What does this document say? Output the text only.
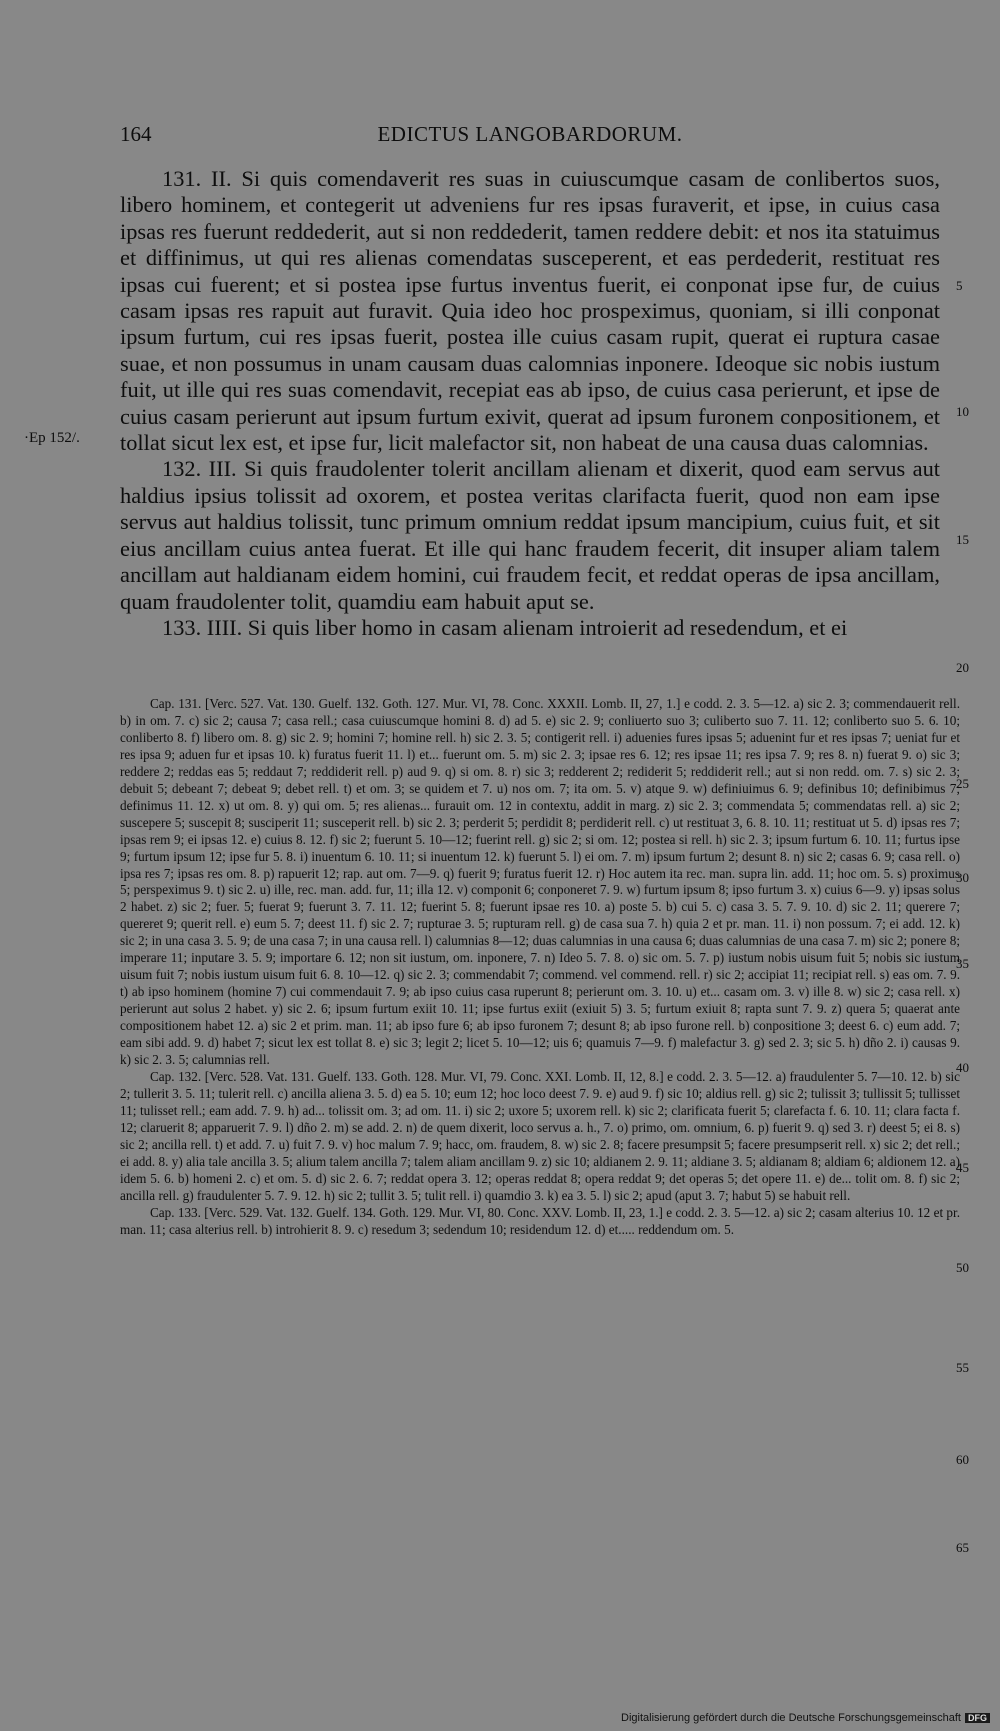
164	EDICTUS LANGOBARDORUM.
·Ep 152/.

131. II. Si quis comendaverit res suas in cuiuscumque casam de conlibertos suos, libero hominem, et contegerit ut adveniens fur res ipsas furaverit, et ipse, in cuius casa ipsas res fuerunt reddederit, aut si non reddederit, tamen reddere debit: et nos ita statuimus et diffinimus, ut qui res alienas comendatas susceperent, et eas perdederit, restituat res ipsas cui fuerent; et si postea ipse furtus inventus fuerit, ei conponat ipse fur, de cuius casam ipsas res rapuit aut furavit. Quia ideo hoc prospeximus, quoniam, si illi conponat ipsum furtum, cui res ipsas fuerit, postea ille cuius casam rupit, querat ei ruptura casae suae, et non possumus in unam causam duas calomnias inponere. Ideoque sic nobis iustum fuit, ut ille qui res suas comendavit, recepiat eas ab ipso, de cuius casa perierunt, et ipse de cuius casam perierunt aut ipsum furtum exivit, querat ad ipsum furonem conpositionem, et tollat sicut lex est, et ipse fur, licit malefactor sit, non habeat de una causa duas calomnias.

132. III. Si quis fraudolenter tolerit ancillam alienam et dixerit, quod eam servus aut haldius ipsius tolissit ad oxorem, et postea veritas clarifacta fuerit, quod non eam ipse servus aut haldius tolissit, tunc primum omnium reddat ipsum mancipium, cuius fuit, et sit eius ancillam cuius antea fuerat. Et ille qui hanc fraudem fecerit, dit insuper aliam talem ancillam aut haldianam eidem homini, cui fraudem fecit, et reddat operas de ipsa ancillam, quam fraudolenter tolit, quamdiu eam habuit aput se.

133. IIII. Si quis liber homo in casam alienam introierit ad resedendum, et ei

5
10
15
20
25
30
35
40
45
50
55
60
65

Cap. 131. [Verc. 527. Vat. 130. Guelf. 132. Goth. 127. Mur. VI, 78. Conc. XXXII. Lomb. II, 27, 1.] e codd. 2. 3. 5—12. a) sic 2. 3; commendauerit rell. b) in om. 7. c) sic 2; causa 7; casa rell.; casa cuiuscumque homini 8. d) ad 5. e) sic 2. 9; conliuerto suo 3; culiberto suo 7. 11. 12; conliberto suo 5. 6. 10; conliberto 8. f) libero om. 8. g) sic 2. 9; homini 7; homine rell. h) sic 2. 3. 5; contigerit rell. i) aduenies fures ipsas 5; aduenint fur et res ipsas 7; ueniat fur et res ipsa 9; aduen fur et ipsas 10. k) furatus fuerit 11. l) et... fuerunt om. 5. m) sic 2. 3; ipsae res 6. 12; res ipsae 11; res ipsa 7. 9; res 8. n) fuerat 9. o) sic 3; reddere 2; reddas eas 5; reddaut 7; reddiderit rell. p) aud 9. q) si om. 8. r) sic 3; redderent 2; rediderit 5; reddiderit rell.; aut si non redd. om. 7. s) sic 2. 3; debuit 5; debeant 7; debeat 9; debet rell. t) et om. 3; se quidem et 7. u) nos om. 7; ita om. 5. v) atque 9. w) definiuimus 6. 9; definibus 10; definibimus 7; definimus 11. 12. x) ut om. 8. y) qui om. 5; res alienas... furauit om. 12 in contextu, addit in marg. z) sic 2. 3; commendata 5; commendatas rell. a) sic 2; suscepere 5; suscepit 8; susciperit 11; susceperit rell. b) sic 2. 3; perderit 5; perdidit 8; perdiderit rell. c) ut restituat 3, 6. 8. 10. 11; restituat ut 5. d) ipsas res 7; ipsas rem 9; ei ipsas 12. e) cuius 8. 12. f) sic 2; fuerunt 5. 10—12; fuerint rell. g) sic 2; si om. 12; postea si rell. h) sic 2. 3; ipsum furtum 6. 10. 11; furtus ipse 9; furtum ipsum 12; ipse fur 5. 8. i) inuentum 6. 10. 11; si inuentum 12. k) fuerunt 5. l) ei om. 7. m) ipsum furtum 2; desunt 8. n) sic 2; casas 6. 9; casa rell. o) ipsa res 7; ipsas res om. 8. p) rapuerit 12; rap. aut om. 7—9. q) fuerit 9; furatus fuerit 12. r) Hoc autem ita rec. man. supra lin. add. 11; hoc om. 5. s) proximus 5; perspeximus 9. t) sic 2. u) ille, rec. man. add. fur, 11; illa 12. v) componit 6; conponeret 7. 9. w) furtum ipsum 8; ipso furtum 3. x) cuius 6—9. y) ipsas solus 2 habet. z) sic 2; fuer. 5; fuerat 9; fuerunt 3. 7. 11. 12; fuerint 5. 8; fuerunt ipsae res 10. a) poste 5. b) cui 5. c) casa 3. 5. 7. 9. 10. d) sic 2. 11; querere 7; quereret 9; querit rell. e) eum 5. 7; deest 11. f) sic 2. 7; rupturae 3. 5; rupturam rell. g) de casa sua 7. h) quia 2 et pr. man. 11. i) non possum. 7; ei add. 12. k) sic 2; in una casa 3. 5. 9; de una casa 7; in una causa rell. l) calumnias 8—12; duas calumnias in una causa 6; duas calumnias de una casa 7. m) sic 2; ponere 8; imperare 11; inputare 3. 5. 9; importare 6. 12; non sit iustum, om. inponere, 7. n) Ideo 5. 7. 8. o) sic om. 5. 7. p) iustum nobis uisum fuit 5; nobis sic iustum uisum fuit 7; nobis iustum uisum fuit 6. 8. 10—12. q) sic 2. 3; commendabit 7; commend. vel commend. rell. r) sic 2; accipiat 11; recipiat rell. s) eas om. 7. 9. t) ab ipso hominem (homine 7) cui commendauit 7. 9; ab ipso cuius casa ruperunt 8; perierunt om. 3. 10. u) et... casam om. 3. v) ille 8. w) sic 2; casa rell. x) perierunt aut solus 2 habet. y) sic 2. 6; ipsum furtum exiit 10. 11; ipse furtus exiit (exiuit 5) 3. 5; furtum exiuit 8; rapta sunt 7. 9. z) quera 5; quaerat ante compositionem habet 12. a) sic 2 et prim. man. 11; ab ipso fure 6; ab ipso furonem 7; desunt 8; ab ipso furone rell. b) conpositione 3; deest 6. c) eum add. 7; eam sibi add. 9. d) habet 7; sicut lex est tollat 8. e) sic 3; legit 2; licet 5. 10—12; uis 6; quamuis 7—9. f) malefactur 3. g) sed 2. 3; sic 5. h) dño 2. i) causas 9. k) sic 2. 3. 5; calumnias rell.

Cap. 132. [Verc. 528. Vat. 131. Guelf. 133. Goth. 128. Mur. VI, 79. Conc. XXI. Lomb. II, 12, 8.] e codd. 2. 3. 5—12. a) fraudulenter 5. 7—10. 12. b) sic 2; tullerit 3. 5. 11; tulerit rell. c) ancilla aliena 3. 5. d) ea 5. 10; eum 12; hoc loco deest 7. 9. e) aud 9. f) sic 10; aldius rell. g) sic 2; tulissit 3; tullissit 5; tullisset 11; tulisset rell.; eam add. 7. 9. h) ad... tolissit om. 3; ad om. 11. i) sic 2; uxore 5; uxorem rell. k) sic 2; clarificata fuerit 5; clarefacta f. 6. 10. 11; clara facta f. 12; claruerit 8; apparuerit 7. 9. l) dño 2. m) se add. 2. n) de quem dixerit, loco servus a. h., 7. o) primo, om. omnium, 6. p) fuerit 9. q) sed 3. r) deest 5; ei 8. s) sic 2; ancilla rell. t) et add. 7. u) fuit 7. 9. v) hoc malum 7. 9; hacc, om. fraudem, 8. w) sic 2. 8; facere presumpsit 5; facere presumpserit rell. x) sic 2; det rell.; ei add. 8. y) alia tale ancilla 3. 5; alium talem ancilla 7; talem aliam ancillam 9. z) sic 10; aldianem 2. 9. 11; aldiane 3. 5; aldianam 8; aldiam 6; aldionem 12. a) idem 5. 6. b) homeni 2. c) et om. 5. d) sic 2. 6. 7; reddat opera 3. 12; operas reddat 8; opera reddat 9; det operas 5; det opere 11. e) de... tolit om. 8. f) sic 2; ancilla rell. g) fraudulenter 5. 7. 9. 12. h) sic 2; tullit 3. 5; tulit rell. i) quamdio 3. k) ea 3. 5. l) sic 2; apud (aput 3. 7; habut 5) se habuit rell.

Cap. 133. [Verc. 529. Vat. 132. Guelf. 134. Goth. 129. Mur. VI, 80. Conc. XXV. Lomb. II, 23, 1.] e codd. 2. 3. 5—12. a) sic 2; casam alterius 10. 12 et pr. man. 11; casa alterius rell. b) introhierit 8. 9. c) resedum 3; sedendum 10; residendum 12. d) et..... reddendum om. 5.

Digitalisierung gefördert durch die Deutsche Forschungsgemeinschaft DFG
